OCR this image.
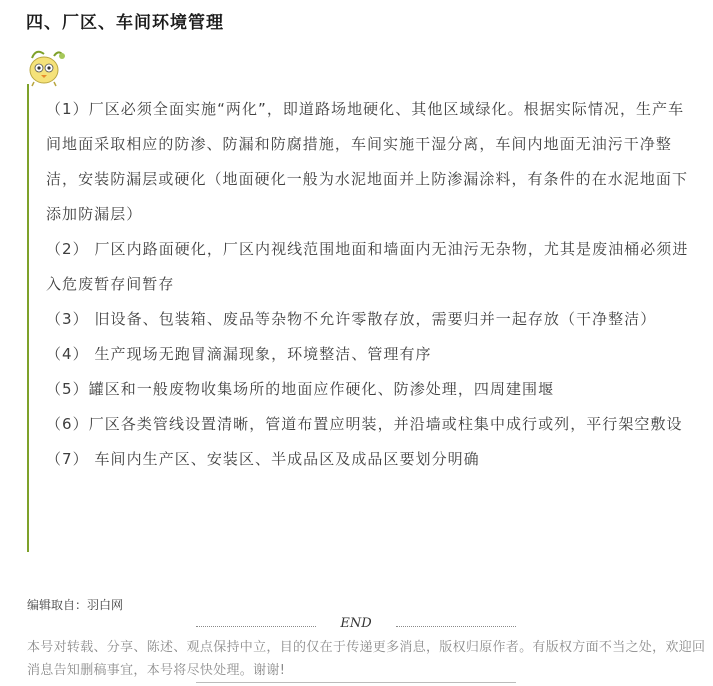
四、厂区、车间环境管理

（1）厂区必须全面实施“两化”，即道路场地硬化、其他区域绿化。根据实际情况，生产车间地面采取相应的防渗、防漏和防腐措施，车间实施干湿分离，车间内地面无油污干净整洁，安装防漏层或硬化（地面硬化一般为水泥地面并上防渗漏涂料，有条件的在水泥地面下添加防漏层）

（2） 厂区内路面硬化，厂区内视线范围地面和墙面内无油污无杂物，尤其是废油桶必须进入危废暂存间暂存

（3） 旧设备、包装箱、废品等杂物不允许零散存放，需要归并一起存放（干净整洁）

（4） 生产现场无跑冒滴漏现象，环境整洁、管理有序

（5）罐区和一般废物收集场所的地面应作硬化、防渗处理，四周建围堰

（6）厂区各类管线设置清晰，管道布置应明装，并沿墙或柱集中成行或列，平行架空敷设

（7） 车间内生产区、安装区、半成品区及成品区要划分明确

编辑取自：羽白网
END
本号对转载、分享、陈述、观点保持中立，目的仅在于传递更多消息，版权归原作者。有版权方面不当之处，欢迎回消息告知删稿事宜，本号将尽快处理。谢谢!
